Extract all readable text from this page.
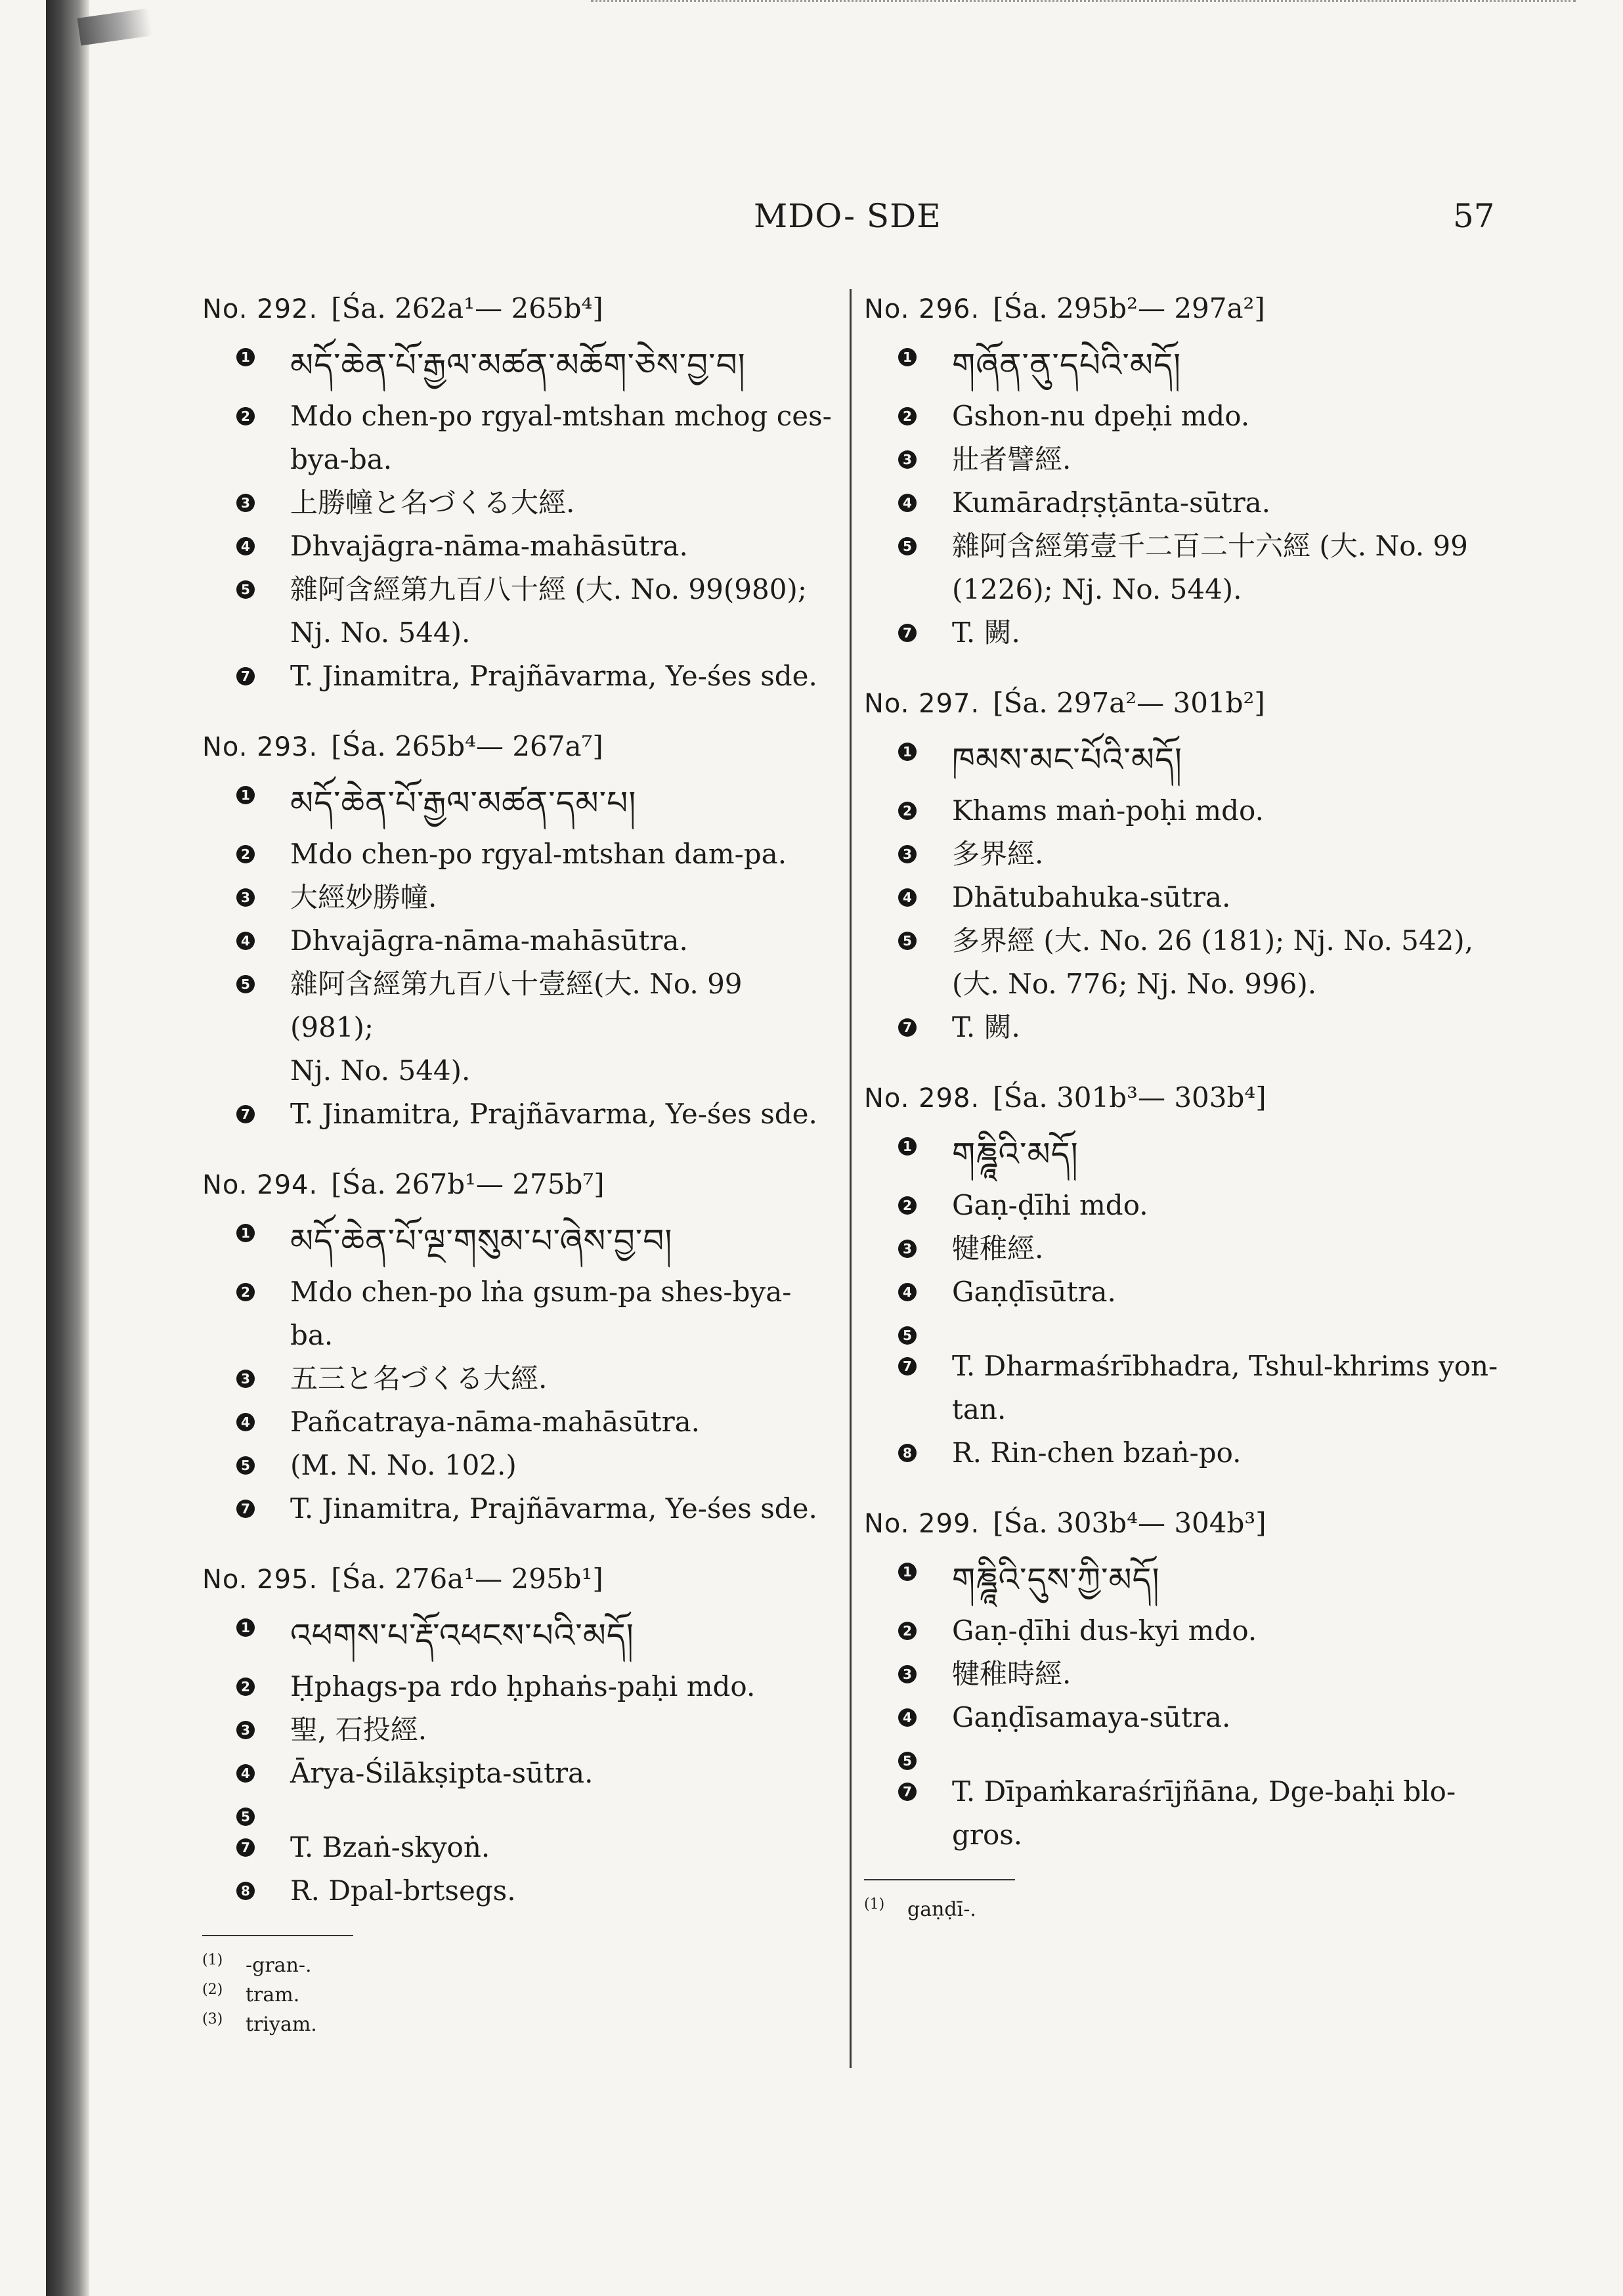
MDO- SDE	57
No. 292. [Śa. 262a¹— 265b⁴]
1 མདོ་ཆེན་པོ་རྒྱལ་མཚན་མཆོག་ཅེས་བྱ་བ།
2 Mdo chen-po rgyal-mtshan mchog ces-
bya-ba.
3 上勝幢と名づくる大經.
4 Dhvajāgra-nāma-mahāsūtra.
5 雜阿含經第九百八十經 (大. No. 99(980);
Nj. No. 544).
7 T. Jinamitra, Prajñāvarma, Ye-śes sde.
No. 293. [Śa. 265b⁴— 267a⁷]
1 མདོ་ཆེན་པོ་རྒྱལ་མཚན་དམ་པ།
2 Mdo chen-po rgyal-mtshan dam-pa.
3 大經妙勝幢.
4 Dhvajāgra-nāma-mahāsūtra.
5 雜阿含經第九百八十壹經(大. No. 99 (981);
Nj. No. 544).
7 T. Jinamitra, Prajñāvarma, Ye-śes sde.
No. 294. [Śa. 267b¹— 275b⁷]
1 མདོ་ཆེན་པོ་ལྔ་གསུམ་པ་ཞེས་བྱ་བ།
2 Mdo chen-po lṅa gsum-pa shes-bya-ba.
3 五三と名づくる大經.
4 Pañcatraya-nāma-mahāsūtra.
5 (M. N. No. 102.)
7 T. Jinamitra, Prajñāvarma, Ye-śes sde.
No. 295. [Śa. 276a¹— 295b¹]
1 འཕགས་པ་རྡོ་འཕངས་པའི་མདོ།
2 Ḥphags-pa rdo ḥphaṅs-paḥi mdo.
3 聖, 石投經.
4 Ārya-Śilākṣipta-sūtra.
5
7 T. Bzaṅ-skyoṅ.
8 R. Dpal-brtsegs.
(1)	-gran-.
(2)	tram.
(3)	triyam.
No. 296. [Śa. 295b²— 297a²]
1 གཞོན་ནུ་དཔེའི་མདོ།
2 Gshon-nu dpeḥi mdo.
3 壯者譬經.
4 Kumāradṛṣṭānta-sūtra.
5 雜阿含經第壹千二百二十六經 (大. No. 99
(1226); Nj. No. 544).
7 T. 闕.
No. 297. [Śa. 297a²— 301b²]
1 ཁམས་མང་པོའི་མདོ།
2 Khams maṅ-poḥi mdo.
3 多界經.
4 Dhātubahuka-sūtra.
5 多界經 (大. No. 26 (181); Nj. No. 542),
(大. No. 776; Nj. No. 996).
7 T. 闕.
No. 298. [Śa. 301b³— 303b⁴]
1 གཎྜཱིའི་མདོ།
2 Gaṇ-ḍīhi mdo.
3 犍稚經.
4 Gaṇḍīsūtra.
5
7 T. Dharmaśrībhadra, Tshul-khrims yon-
tan.
8 R. Rin-chen bzaṅ-po.
No. 299. [Śa. 303b⁴— 304b³]
1 གཎྜཱིའི་དུས་ཀྱི་མདོ།
2 Gaṇ-ḍīhi dus-kyi mdo.
3 犍稚時經.
4 Gaṇḍīsamaya-sūtra.
5
7 T. Dīpaṁkaraśrījñāna, Dge-baḥi blo-gros.
(1)	gaṇḍī-.
